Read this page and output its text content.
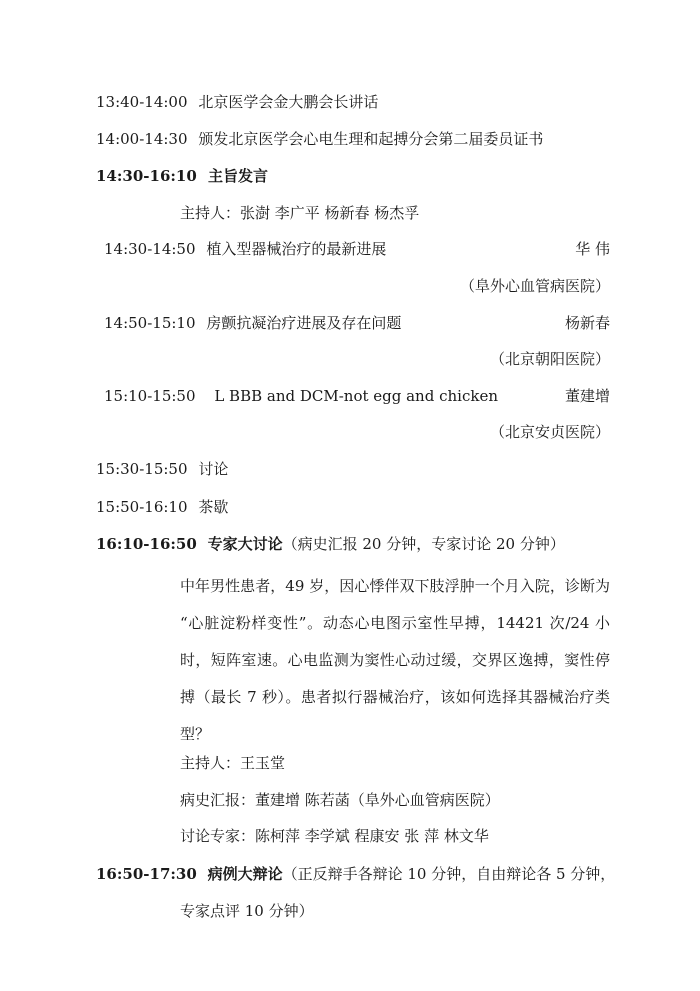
13:40-14:00 北京医学会金大鹏会长讲话
14:00-14:30 颁发北京医学会心电生理和起搏分会第二届委员证书
14:30-16:10 主旨发言
主持人：张澍 李广平 杨新春 杨杰孚
14:30-14:50 植入型器械治疗的最新进展	华 伟
（阜外心血管病医院）
14:50-15:10 房颤抗凝治疗进展及存在问题	杨新春
（北京朝阳医院）
15:10-15:50 L BBB and DCM-not egg and chicken	董建增
（北京安贞医院）
15:30-15:50 讨论
15:50-16:10 茶歇
16:10-16:50 专家大讨论（病史汇报 20 分钟，专家讨论 20 分钟）
中年男性患者，49 岁，因心悸伴双下肢浮肿一个月入院，诊断为 “心脏淀粉样变性”。动态心电图示室性早搏，14421 次/24 小时，短阵室速。心电监测为窦性心动过缓，交界区逸搏，窦性停搏（最长 7 秒）。患者拟行器械治疗，该如何选择其器械治疗类型？
主持人：王玉堂
病史汇报：董建增 陈若菡（阜外心血管病医院）
讨论专家：陈柯萍 李学斌 程康安 张 萍 林文华
16:50-17:30 病例大辩论（正反辩手各辩论 10 分钟，自由辩论各 5 分钟，
专家点评 10 分钟）
